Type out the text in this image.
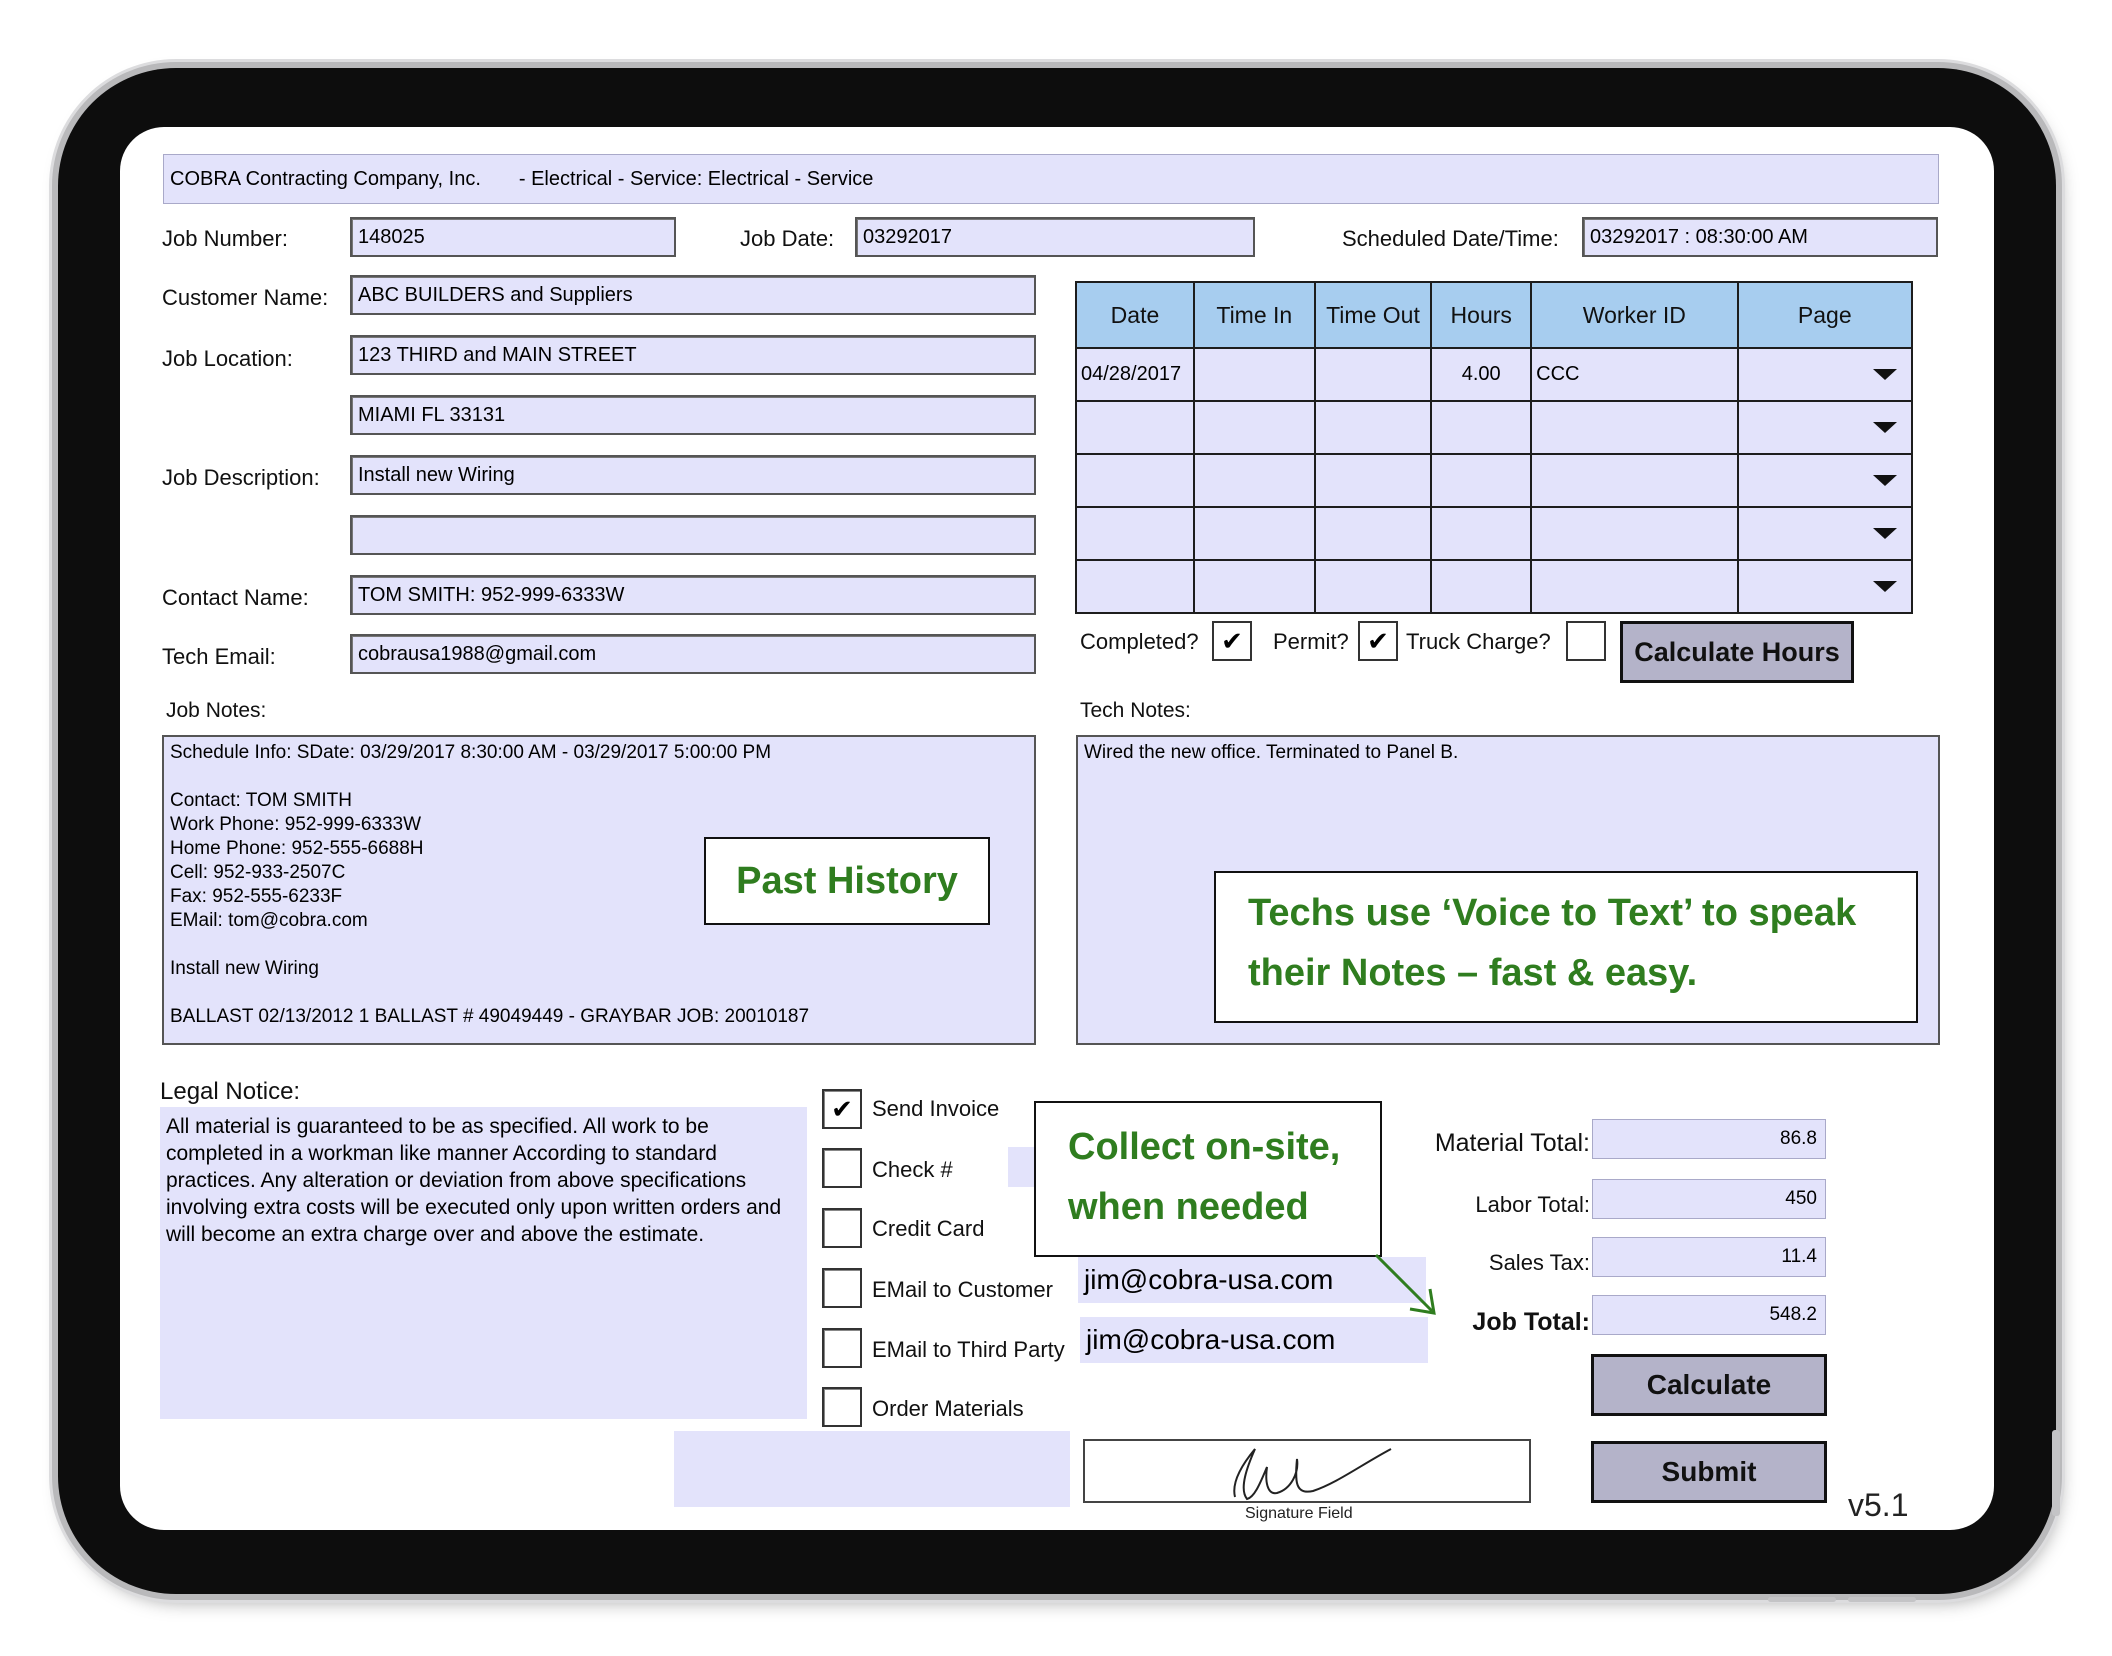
COBRA Contracting Company, Inc. - Electrical - Service: Electrical - Service
Job Number:	148025	Job Date:	03292017	Scheduled Date/Time:	03292017 : 08:30:00 AM
Customer Name:	ABC BUILDERS and Suppliers
Job Location:	123 THIRD and MAIN STREET
MIAMI FL 33131
Job Description:	Install new Wiring
Contact Name:	TOM SMITH: 952-999-6333W
Tech Email:	cobrausa1988@gmail.com
Date	Time In	Time Out	Hours	Worker ID	Page
04/28/2017			4.00	CCC	

Completed? ✔	Permit? ✔ Truck Charge?	Calculate Hours
Job Notes:	Tech Notes:
Schedule Info: SDate: 03/29/2017 8:30:00 AM - 03/29/2017 5:00:00 PM
Contact: TOM SMITH
Work Phone: 952-999-6333W
Home Phone: 952-555-6688H
Cell: 952-933-2507C
Fax: 952-555-6233F
EMail: tom@cobra.com
Install new Wiring
BALLAST 02/13/2012 1 BALLAST # 49049449 - GRAYBAR JOB: 20010187
Past History
Wired the new office. Terminated to Panel B.
Techs use ‘Voice to Text’ to speak
their Notes – fast & easy.
Legal Notice:
All material is guaranteed to be as specified. All work to be completed in a workman like manner According to standard practices. Any alteration or deviation from above specifications involving extra costs will be executed only upon written orders and will become an extra charge over and above the estimate.
✔ Send Invoice
Check #
Credit Card
EMail to Customer jim@cobra-usa.com
EMail to Third Party jim@cobra-usa.com
Order Materials
Collect on-site,
when needed
Material Total:	86.8
Labor Total:	450
Sales Tax:	11.4
Job Total:	548.2
Calculate
Submit
Signature Field	v5.1
